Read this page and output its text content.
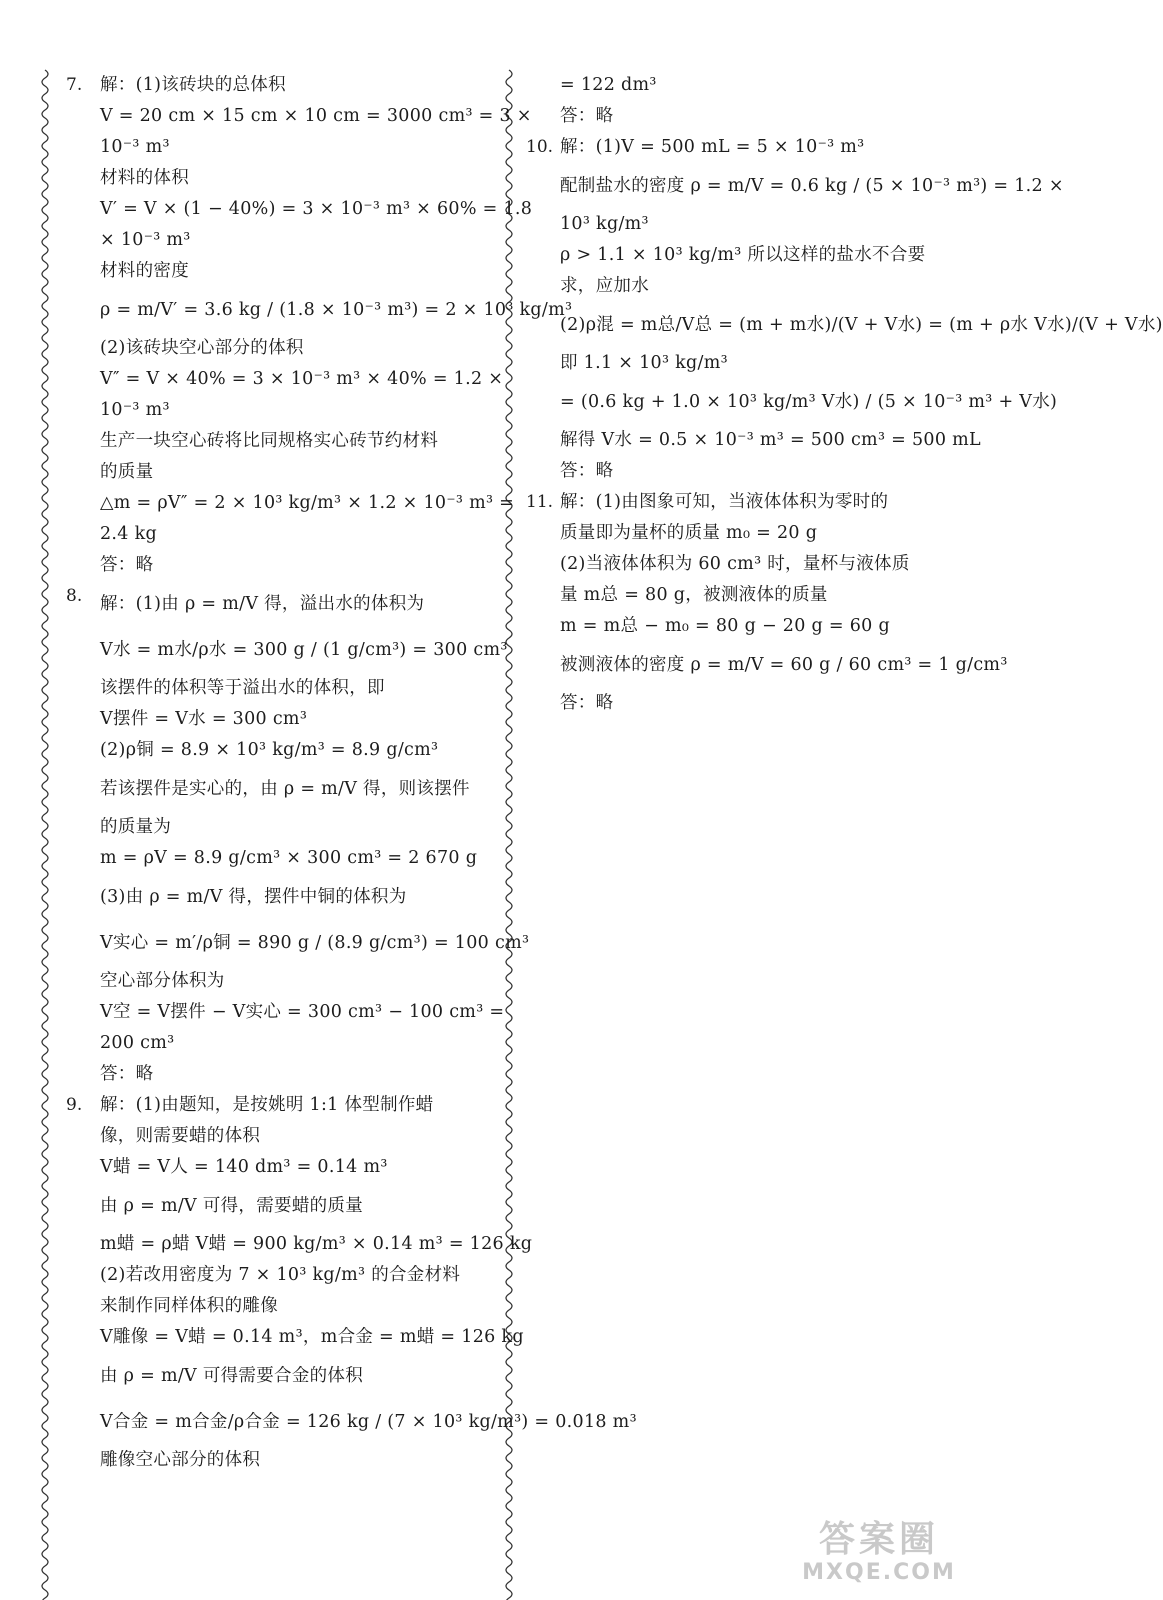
7. 解：(1)该砖块的总体积
V = 20 cm × 15 cm × 10 cm = 3000 cm³ = 3 ×
10⁻³ m³
材料的体积
V′ = V × (1 − 40%) = 3 × 10⁻³ m³ × 60% = 1.8
× 10⁻³ m³
材料的密度
ρ = m/V′ = 3.6 kg / (1.8 × 10⁻³ m³) = 2 × 10³ kg/m³
(2)该砖块空心部分的体积
V″ = V × 40% = 3 × 10⁻³ m³ × 40% = 1.2 ×
10⁻³ m³
生产一块空心砖将比同规格实心砖节约材料
的质量
△m = ρV″ = 2 × 10³ kg/m³ × 1.2 × 10⁻³ m³ =
2.4 kg
答：略
8. 解：(1)由 ρ = m/V 得，溢出水的体积为
V水 = m水/ρ水 = 300 g / (1 g/cm³) = 300 cm³
该摆件的体积等于溢出水的体积，即
V摆件 = V水 = 300 cm³
(2)ρ铜 = 8.9 × 10³ kg/m³ = 8.9 g/cm³
若该摆件是实心的，由 ρ = m/V 得，则该摆件
的质量为
m = ρV = 8.9 g/cm³ × 300 cm³ = 2 670 g
(3)由 ρ = m/V 得，摆件中铜的体积为
V实心 = m′/ρ铜 = 890 g / (8.9 g/cm³) = 100 cm³
空心部分体积为
V空 = V摆件 − V实心 = 300 cm³ − 100 cm³ =
200 cm³
答：略
9. 解：(1)由题知，是按姚明 1:1 体型制作蜡
像，则需要蜡的体积
V蜡 = V人 = 140 dm³ = 0.14 m³
由 ρ = m/V 可得，需要蜡的质量
m蜡 = ρ蜡 V蜡 = 900 kg/m³ × 0.14 m³ = 126 kg
(2)若改用密度为 7 × 10³ kg/m³ 的合金材料
来制作同样体积的雕像
V雕像 = V蜡 = 0.14 m³，m合金 = m蜡 = 126 kg
由 ρ = m/V 可得需要合金的体积
V合金 = m合金/ρ合金 = 126 kg / (7 × 10³ kg/m³) = 0.018 m³
雕像空心部分的体积
= 122 dm³
答：略
10. 解：(1)V = 500 mL = 5 × 10⁻³ m³
配制盐水的密度 ρ = m/V = 0.6 kg / (5 × 10⁻³ m³) = 1.2 ×
10³ kg/m³
ρ > 1.1 × 10³ kg/m³ 所以这样的盐水不合要
求，应加水
(2)ρ混 = m总/V总 = (m + m水)/(V + V水) = (m + ρ水 V水)/(V + V水)
即 1.1 × 10³ kg/m³
= (0.6 kg + 1.0 × 10³ kg/m³ V水) / (5 × 10⁻³ m³ + V水)
解得 V水 = 0.5 × 10⁻³ m³ = 500 cm³ = 500 mL
答：略
11. 解：(1)由图象可知，当液体体积为零时的
质量即为量杯的质量 m₀ = 20 g
(2)当液体体积为 60 cm³ 时，量杯与液体质
量 m总 = 80 g，被测液体的质量
m = m总 − m₀ = 80 g − 20 g = 60 g
被测液体的密度 ρ = m/V = 60 g / 60 cm³ = 1 g/cm³
答：略
答案圈
MXQE.COM
